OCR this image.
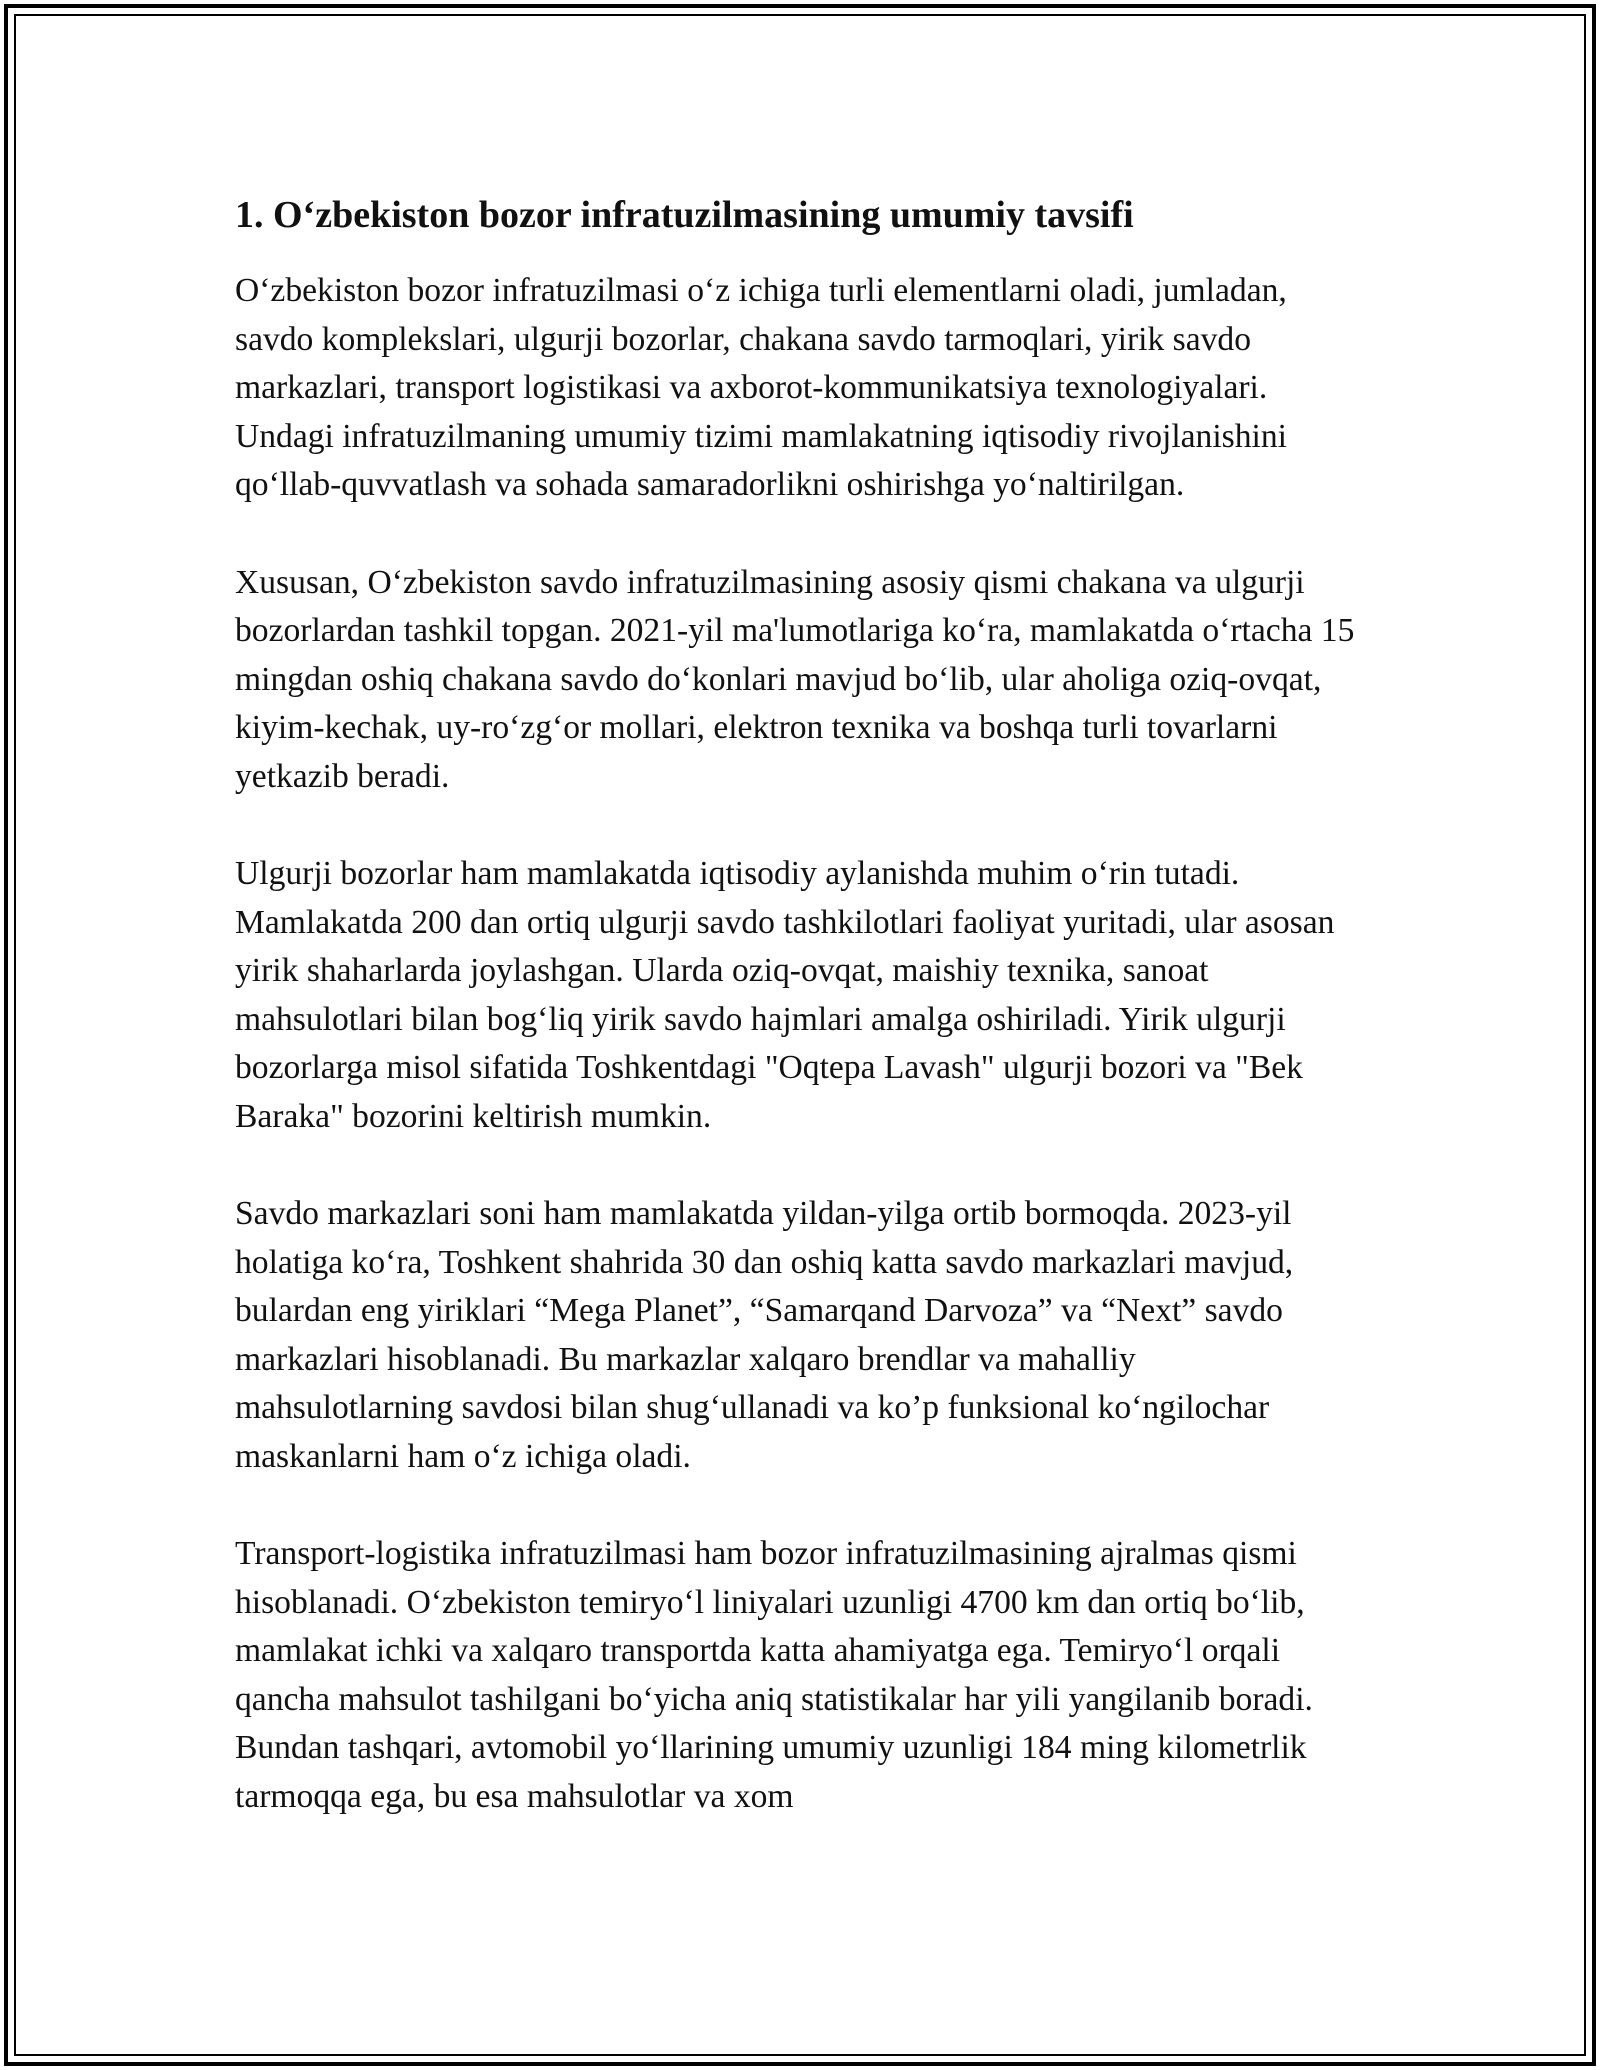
1. O‘zbekiston bozor infratuzilmasining umumiy tavsifi

O‘zbekiston bozor infratuzilmasi o‘z ichiga turli elementlarni oladi, jumladan, savdo komplekslari, ulgurji bozorlar, chakana savdo tarmoqlari, yirik savdo markazlari, transport logistikasi va axborot-kommunikatsiya texnologiyalari. Undagi infratuzilmaning umumiy tizimi mamlakatning iqtisodiy rivojlanishini qo‘llab-quvvatlash va sohada samaradorlikni oshirishga yo‘naltirilgan.

Xususan, O‘zbekiston savdo infratuzilmasining asosiy qismi chakana va ulgurji bozorlardan tashkil topgan. 2021-yil ma'lumotlariga ko‘ra, mamlakatda o‘rtacha 15 mingdan oshiq chakana savdo do‘konlari mavjud bo‘lib, ular aholiga oziq-ovqat, kiyim-kechak, uy-ro‘zg‘or mollari, elektron texnika va boshqa turli tovarlarni yetkazib beradi.

Ulgurji bozorlar ham mamlakatda iqtisodiy aylanishda muhim o‘rin tutadi. Mamlakatda 200 dan ortiq ulgurji savdo tashkilotlari faoliyat yuritadi, ular asosan yirik shaharlarda joylashgan. Ularda oziq-ovqat, maishiy texnika, sanoat mahsulotlari bilan bog‘liq yirik savdo hajmlari amalga oshiriladi. Yirik ulgurji bozorlarga misol sifatida Toshkentdagi "Oqtepa Lavash" ulgurji bozori va "Bek Baraka" bozorini keltirish mumkin.

Savdo markazlari soni ham mamlakatda yildan-yilga ortib bormoqda. 2023-yil holatiga ko‘ra, Toshkent shahrida 30 dan oshiq katta savdo markazlari mavjud, bulardan eng yiriklari “Mega Planet”, “Samarqand Darvoza” va “Next” savdo markazlari hisoblanadi. Bu markazlar xalqaro brendlar va mahalliy mahsulotlarning savdosi bilan shug‘ullanadi va ko’p funksional ko‘ngilochar maskanlarni ham o‘z ichiga oladi.

Transport-logistika infratuzilmasi ham bozor infratuzilmasining ajralmas qismi hisoblanadi. O‘zbekiston temiryo‘l liniyalari uzunligi 4700 km dan ortiq bo‘lib, mamlakat ichki va xalqaro transportda katta ahamiyatga ega. Temiryo‘l orqali qancha mahsulot tashilgani bo‘yicha aniq statistikalar har yili yangilanib boradi. Bundan tashqari, avtomobil yo‘llarining umumiy uzunligi 184 ming kilometrlik tarmoqqa ega, bu esa mahsulotlar va xom
